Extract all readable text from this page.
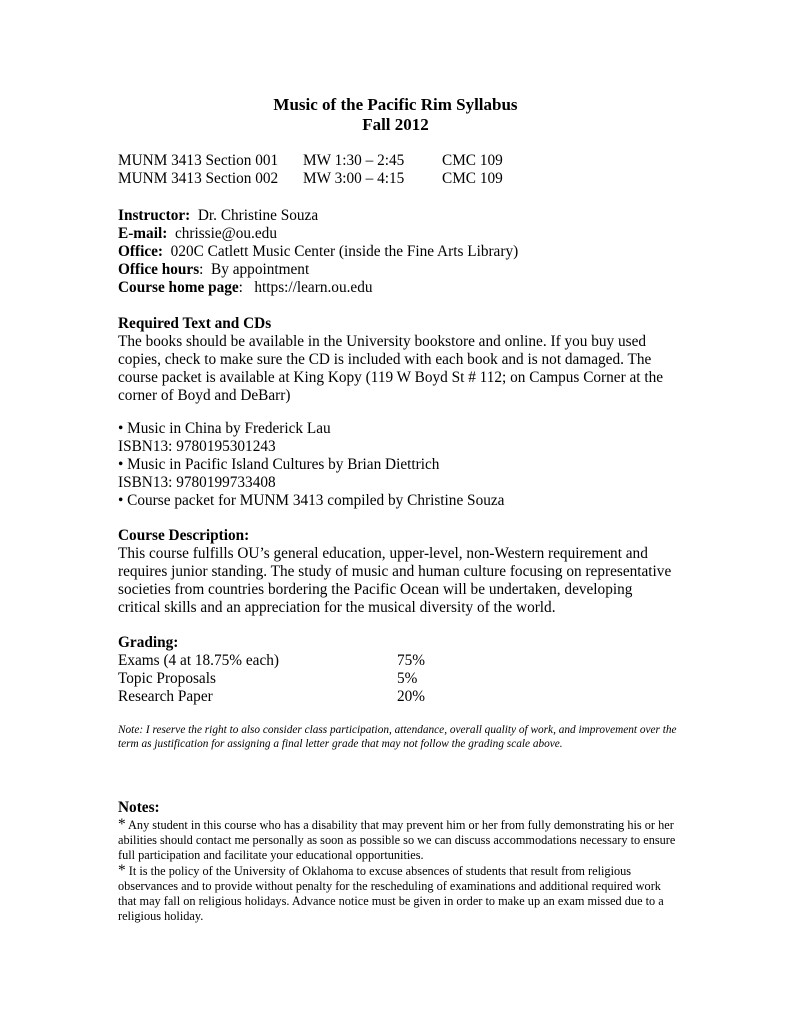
Music of the Pacific Rim Syllabus
Fall 2012
MUNM 3413 Section 001	MW 1:30 – 2:45	CMC 109
MUNM 3413 Section 002	MW 3:00 – 4:15	CMC 109
Instructor:  Dr. Christine Souza
E-mail:  chrissie@ou.edu
Office:  020C Catlett Music Center (inside the Fine Arts Library)
Office hours:  By appointment
Course home page:   https://learn.ou.edu
Required Text and CDs

The books should be available in the University bookstore and online. If you buy used copies, check to make sure the CD is included with each book and is not damaged. The course packet is available at King Kopy (119 W Boyd St # 112; on Campus Corner at the corner of Boyd and DeBarr)

• Music in China by Frederick Lau
ISBN13: 9780195301243
• Music in Pacific Island Cultures by Brian Diettrich
ISBN13: 9780199733408
• Course packet for MUNM 3413 compiled by Christine Souza
Course Description:

This course fulfills OU’s general education, upper-level, non-Western requirement and requires junior standing. The study of music and human culture focusing on representative societies from countries bordering the Pacific Ocean will be undertaken, developing critical skills and an appreciation for the musical diversity of the world.

Grading:
Exams (4 at 18.75% each)	75%
Topic Proposals	5%
Research Paper	20%

Note: I reserve the right to also consider class participation, attendance, overall quality of work, and improvement over the term as justification for assigning a final letter grade that may not follow the grading scale above.

Notes:

* Any student in this course who has a disability that may prevent him or her from fully demonstrating his or her abilities should contact me personally as soon as possible so we can discuss accommodations necessary to ensure full participation and facilitate your educational opportunities.

* It is the policy of the University of Oklahoma to excuse absences of students that result from religious observances and to provide without penalty for the rescheduling of examinations and additional required work that may fall on religious holidays. Advance notice must be given in order to make up an exam missed due to a religious holiday.
